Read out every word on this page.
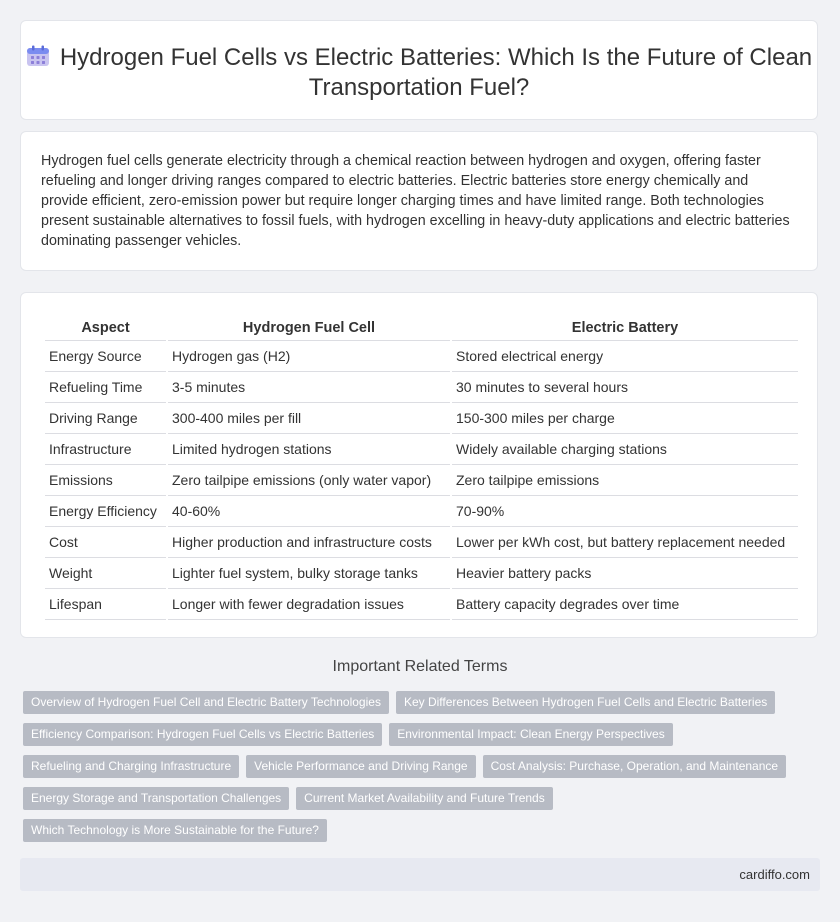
Hydrogen Fuel Cells vs Electric Batteries: Which Is the Future of Clean Transportation Fuel?
Hydrogen fuel cells generate electricity through a chemical reaction between hydrogen and oxygen, offering faster refueling and longer driving ranges compared to electric batteries. Electric batteries store energy chemically and provide efficient, zero-emission power but require longer charging times and have limited range. Both technologies present sustainable alternatives to fossil fuels, with hydrogen excelling in heavy-duty applications and electric batteries dominating passenger vehicles.
Aspect	Hydrogen Fuel Cell	Electric Battery
Energy Source	Hydrogen gas (H2)	Stored electrical energy
Refueling Time	3-5 minutes	30 minutes to several hours
Driving Range	300-400 miles per fill	150-300 miles per charge
Infrastructure	Limited hydrogen stations	Widely available charging stations
Emissions	Zero tailpipe emissions (only water vapor)	Zero tailpipe emissions
Energy Efficiency	40-60%	70-90%
Cost	Higher production and infrastructure costs	Lower per kWh cost, but battery replacement needed
Weight	Lighter fuel system, bulky storage tanks	Heavier battery packs
Lifespan	Longer with fewer degradation issues	Battery capacity degrades over time
Important Related Terms
Overview of Hydrogen Fuel Cell and Electric Battery Technologies	Key Differences Between Hydrogen Fuel Cells and Electric Batteries
Efficiency Comparison: Hydrogen Fuel Cells vs Electric Batteries	Environmental Impact: Clean Energy Perspectives
Refueling and Charging Infrastructure	Vehicle Performance and Driving Range	Cost Analysis: Purchase, Operation, and Maintenance
Energy Storage and Transportation Challenges	Current Market Availability and Future Trends
Which Technology is More Sustainable for the Future?
cardiffo.com
